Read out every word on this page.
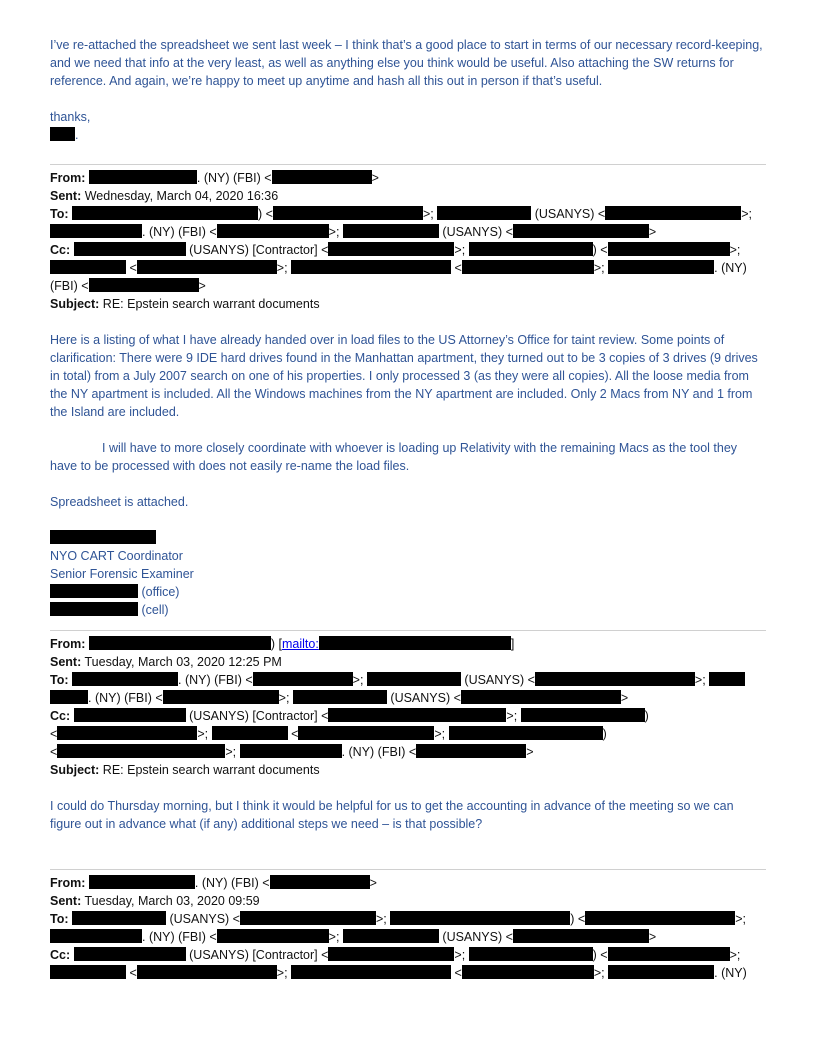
I’ve re-attached the spreadsheet we sent last week – I think that’s a good place to start in terms of our necessary record-keeping, and we need that info at the very least, as well as anything else you think would be useful. Also attaching the SW returns for reference. And again, we’re happy to meet up anytime and hash all this out in person if that’s useful.

thanks,

.

From:	. (NY) (FBI) <	>
Sent: Wednesday, March 04, 2020 16:36
To:	) <	>;	(USANYS) <	>;
. (NY) (FBI) <	>;	(USANYS) <	>
Cc:	(USANYS) [Contractor] <	>;	) <	>;
<	>;	<	>;	. (NY)
(FBI) <	>
Subject: RE: Epstein search warrant documents

Here is a listing of what I have already handed over in load files to the US Attorney’s Office for taint review. Some points of clarification: There were 9 IDE hard drives found in the Manhattan apartment, they turned out to be 3 copies of 3 drives (9 drives in total) from a July 2007 search on one of his properties. I only processed 3 (as they were all copies). All the loose media from the NY apartment is included. All the Windows machines from the NY apartment are included. Only 2 Macs from NY and 1 from the Island are included.

I will have to more closely coordinate with whoever is loading up Relativity with the remaining Macs as the tool they have to be processed with does not easily re-name the load files.

Spreadsheet is attached.

NYO CART Coordinator

Senior Forensic Examiner

(office)

(cell)

From:	) [mailto:	]
Sent: Tuesday, March 03, 2020 12:25 PM
To:	. (NY) (FBI) <	>;	(USANYS) <	>;
. (NY) (FBI) <	>;	(USANYS) <	>
Cc:	(USANYS) [Contractor] <	>;	)
<	>;	<	>;	)
<	>;	. (NY) (FBI) <	>
Subject: RE: Epstein search warrant documents

I could do Thursday morning, but I think it would be helpful for us to get the accounting in advance of the meeting so we can figure out in advance what (if any) additional steps we need – is that possible?

From:	. (NY) (FBI) <	>
Sent: Tuesday, March 03, 2020 09:59
To:	(USANYS) <	>;	) <	>;
. (NY) (FBI) <	>;	(USANYS) <	>
Cc:	(USANYS) [Contractor] <	>;	) <	>;
<	>;	<	>;	. (NY)
